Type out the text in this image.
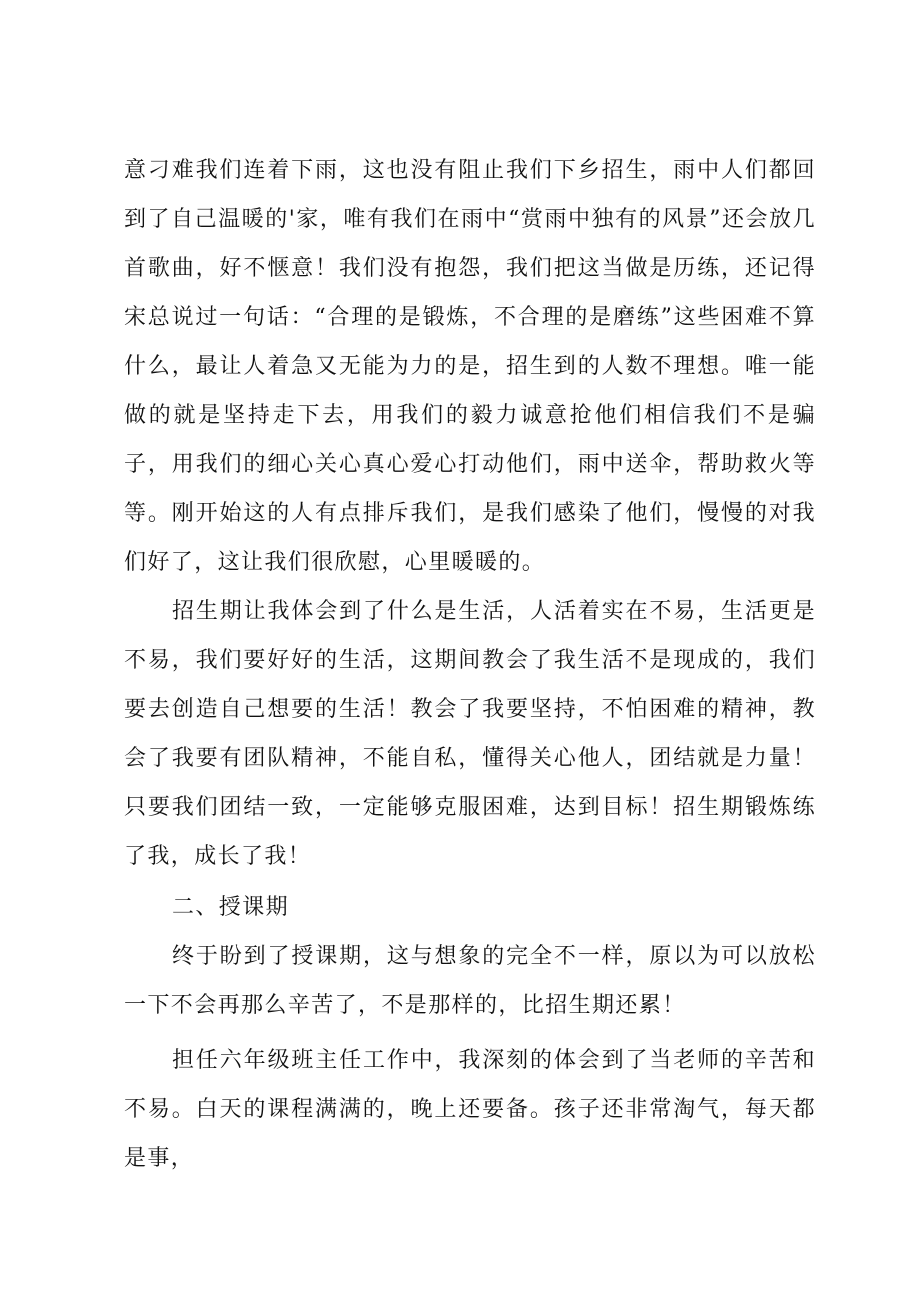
意刁难我们连着下雨，这也没有阻止我们下乡招生，雨中人们都回到了自己温暖的'家，唯有我们在雨中“赏雨中独有的风景”还会放几首歌曲，好不惬意！我们没有抱怨，我们把这当做是历练，还记得宋总说过一句话：“合理的是锻炼，不合理的是磨练”这些困难不算什么，最让人着急又无能为力的是，招生到的人数不理想。唯一能做的就是坚持走下去，用我们的毅力诚意抢他们相信我们不是骗子，用我们的细心关心真心爱心打动他们，雨中送伞，帮助救火等等。刚开始这的人有点排斥我们，是我们感染了他们，慢慢的对我们好了，这让我们很欣慰，心里暖暖的。

招生期让我体会到了什么是生活，人活着实在不易，生活更是不易，我们要好好的生活，这期间教会了我生活不是现成的，我们要去创造自己想要的生活！教会了我要坚持，不怕困难的精神，教会了我要有团队精神，不能自私，懂得关心他人，团结就是力量！只要我们团结一致，一定能够克服困难，达到目标！招生期锻炼练了我，成长了我！

二、授课期

终于盼到了授课期，这与想象的完全不一样，原以为可以放松一下不会再那么辛苦了，不是那样的，比招生期还累！

担任六年级班主任工作中，我深刻的体会到了当老师的辛苦和不易。白天的课程满满的，晚上还要备。孩子还非常淘气，每天都是事，
